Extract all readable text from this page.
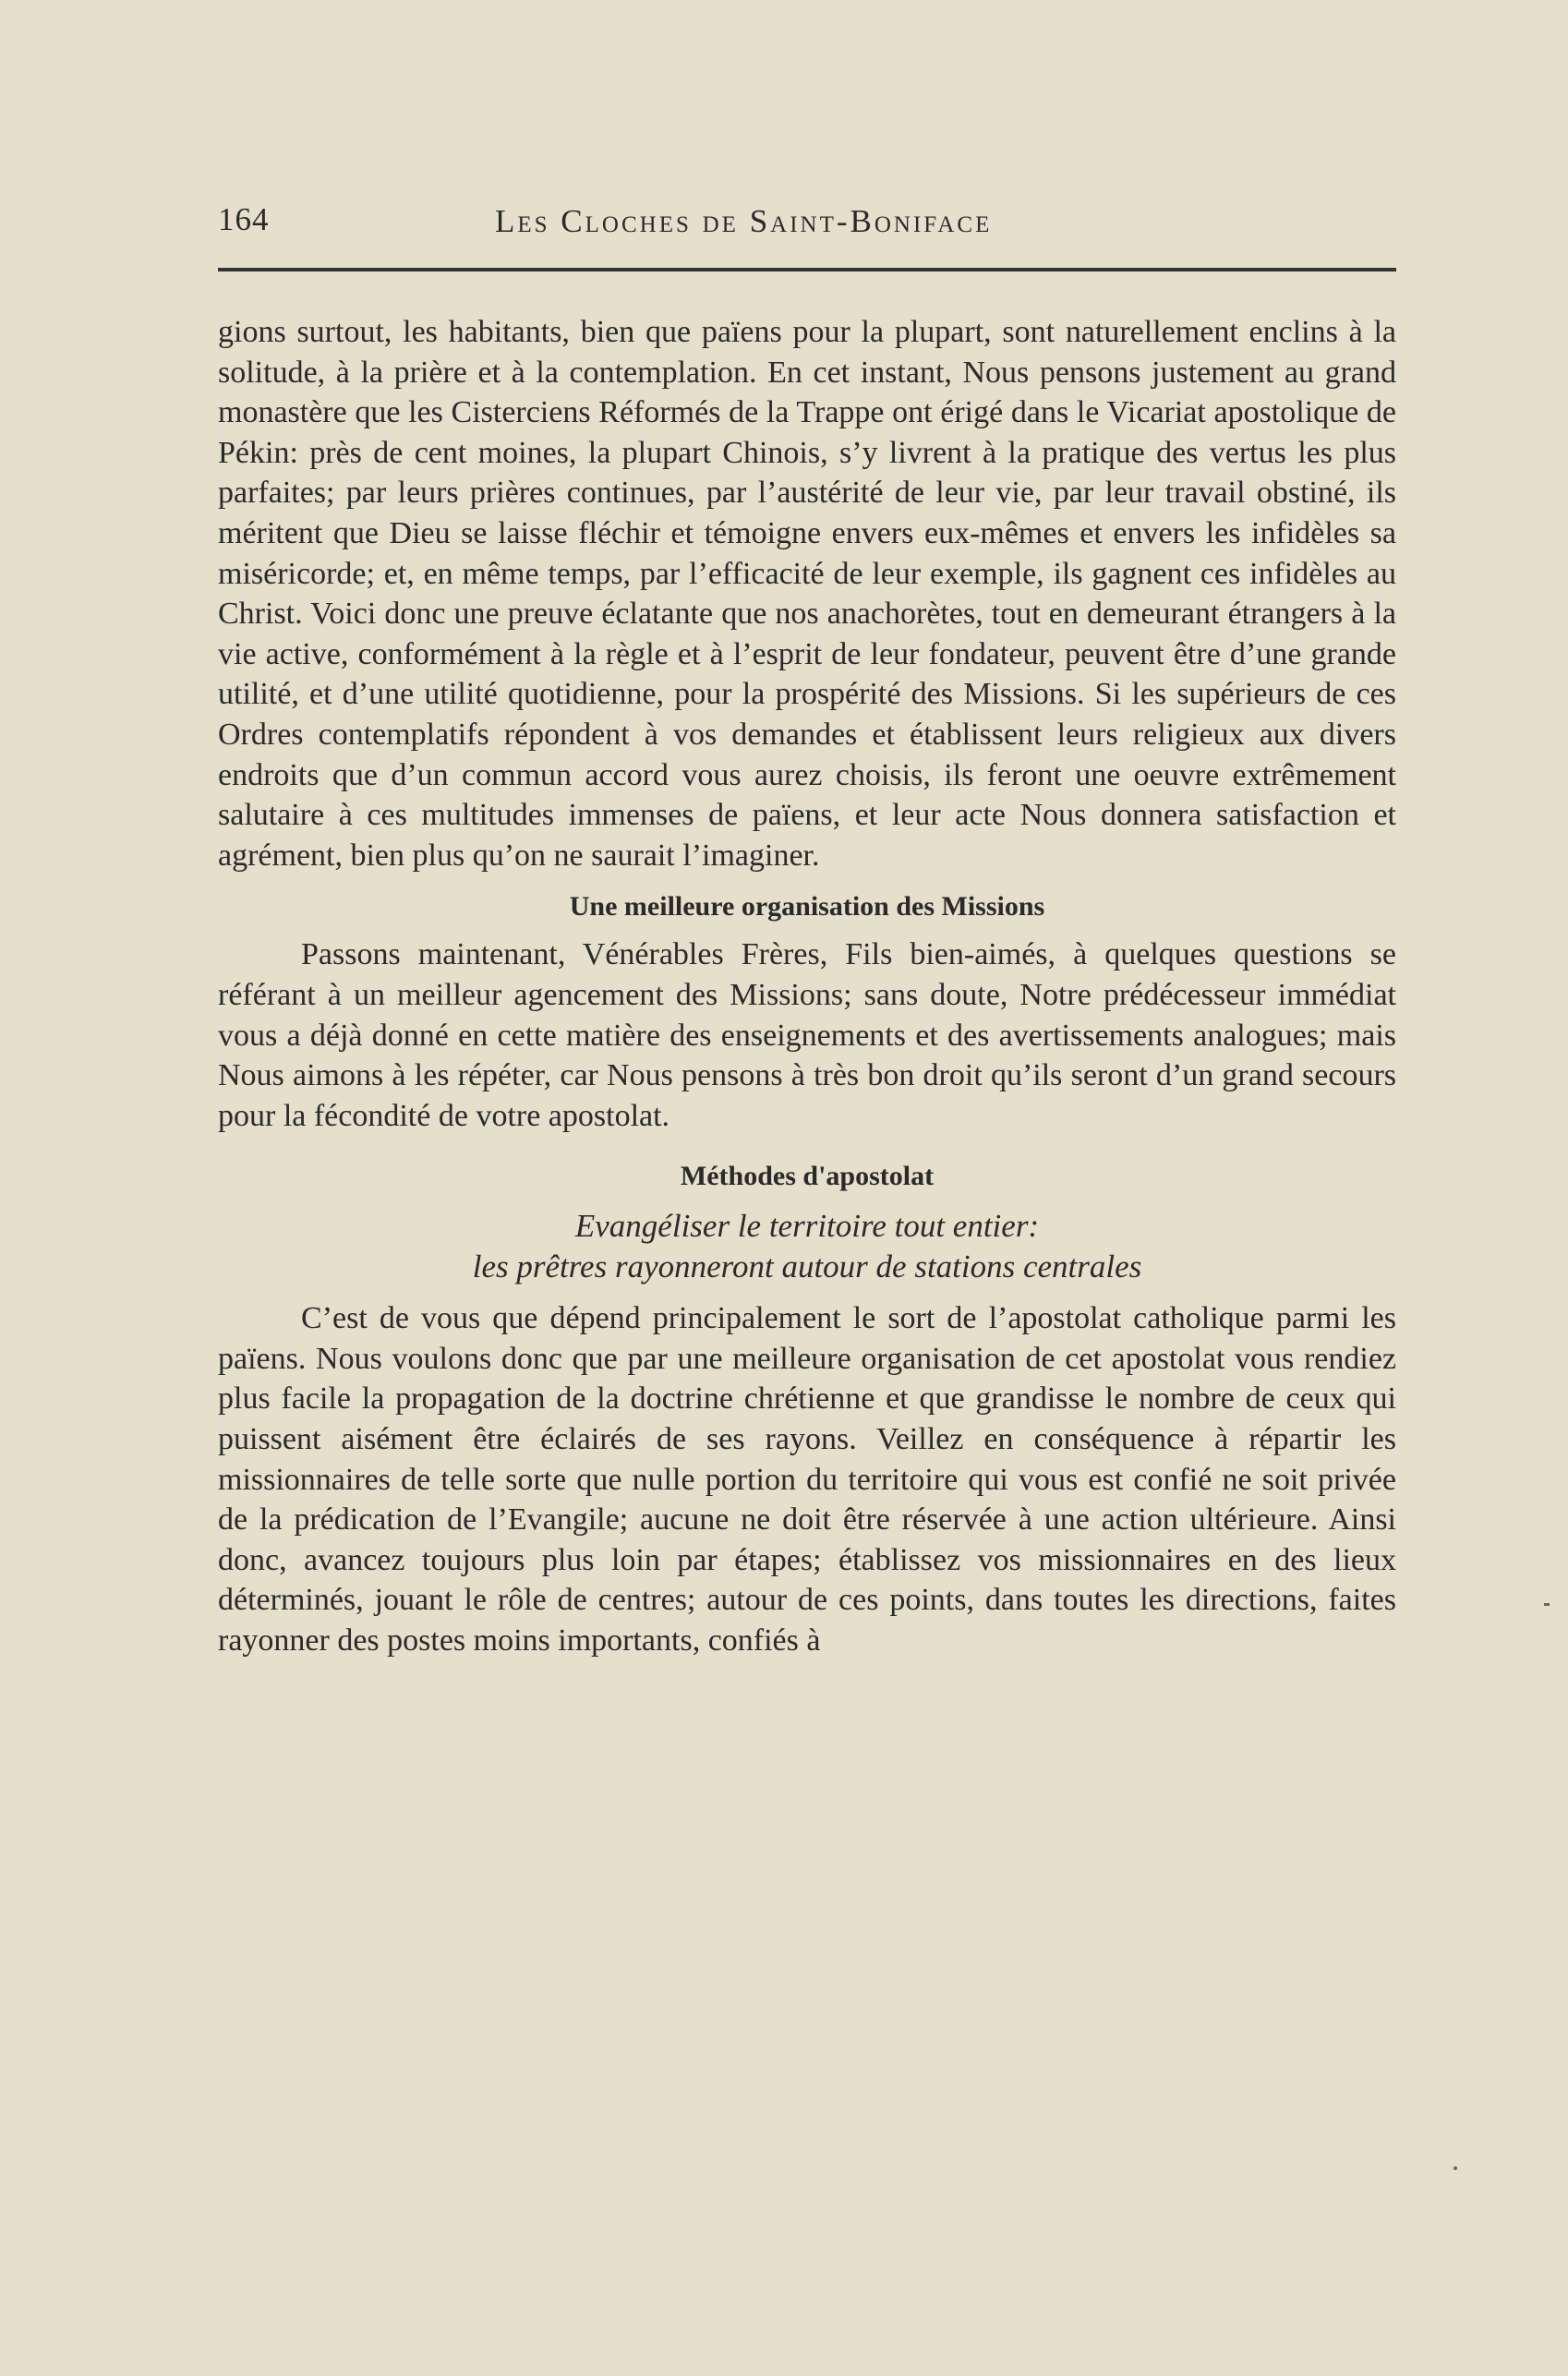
164	Les Cloches de Saint-Boniface

gions surtout, les habitants, bien que païens pour la plupart, sont naturellement enclins à la solitude, à la prière et à la contemplation. En cet instant, Nous pensons justement au grand monastère que les Cisterciens Réformés de la Trappe ont érigé dans le Vicariat apostolique de Pékin: près de cent moines, la plupart Chinois, s’y livrent à la pratique des vertus les plus parfaites; par leurs prières continues, par l’austérité de leur vie, par leur travail obstiné, ils méritent que Dieu se laisse fléchir et témoigne envers eux-mêmes et envers les infidèles sa miséricorde; et, en même temps, par l’efficacité de leur exemple, ils gagnent ces infidèles au Christ. Voici donc une preuve éclatante que nos anachorètes, tout en demeurant étrangers à la vie active, conformément à la règle et à l’esprit de leur fondateur, peuvent être d’une grande utilité, et d’une utilité quotidienne, pour la prospérité des Missions. Si les supérieurs de ces Ordres contemplatifs répondent à vos demandes et établissent leurs religieux aux divers endroits que d’un commun accord vous aurez choisis, ils feront une oeuvre extrêmement salutaire à ces multitudes immenses de païens, et leur acte Nous donnera satisfaction et agrément, bien plus qu’on ne saurait l’imaginer.

Une meilleure organisation des Missions

Passons maintenant, Vénérables Frères, Fils bien-aimés, à quelques questions se référant à un meilleur agencement des Missions; sans doute, Notre prédécesseur immédiat vous a déjà donné en cette matière des enseignements et des avertissements analogues; mais Nous aimons à les répéter, car Nous pensons à très bon droit qu’ils seront d’un grand secours pour la fécondité de votre apostolat.

Méthodes d'apostolat
Evangéliser le territoire tout entier:
les prêtres rayonneront autour de stations centrales

C’est de vous que dépend principalement le sort de l’apostolat catholique parmi les païens. Nous voulons donc que par une meilleure organisation de cet apostolat vous rendiez plus facile la propagation de la doctrine chrétienne et que grandisse le nombre de ceux qui puissent aisément être éclairés de ses rayons. Veillez en conséquence à répartir les missionnaires de telle sorte que nulle portion du territoire qui vous est confié ne soit privée de la prédication de l’Evangile; aucune ne doit être réservée à une action ultérieure. Ainsi donc, avancez toujours plus loin par étapes; établissez vos missionnaires en des lieux déterminés, jouant le rôle de centres; autour de ces points, dans toutes les directions, faites rayonner des postes moins importants, confiés à
